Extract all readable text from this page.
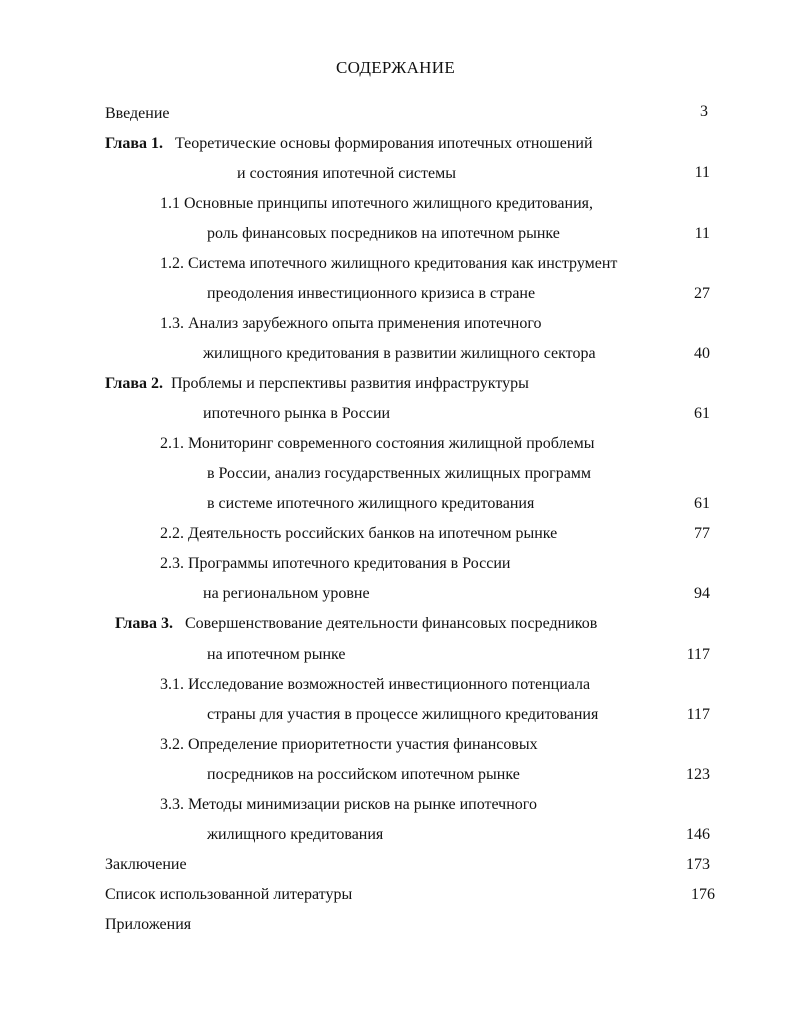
СОДЕРЖАНИЕ
Введение	3
Глава 1. Теоретические основы формирования ипотечных отношений
и состояния ипотечной системы	11
1.1 Основные принципы ипотечного жилищного кредитования,
роль финансовых посредников на ипотечном рынке	11
1.2. Система ипотечного жилищного кредитования как инструмент
преодоления инвестиционного кризиса в стране	27
1.3. Анализ зарубежного опыта применения ипотечного
жилищного кредитования в развитии жилищного сектора	40
Глава 2. Проблемы и перспективы развития инфраструктуры
ипотечного рынка в России	61
2.1. Мониторинг современного состояния жилищной проблемы
в России, анализ государственных жилищных программ
в системе ипотечного жилищного кредитования	61
2.2. Деятельность российских банков на ипотечном рынке	77
2.3. Программы ипотечного кредитования в России
на региональном уровне	94
Глава 3. Совершенствование деятельности финансовых посредников
на ипотечном рынке	117
3.1. Исследование возможностей инвестиционного потенциала
страны для участия в процессе жилищного кредитования	117
3.2. Определение приоритетности участия финансовых
посредников на российском ипотечном рынке	123
3.3. Методы минимизации рисков на рынке ипотечного
жилищного кредитования	146
Заключение	173
Список использованной литературы	176
Приложения
